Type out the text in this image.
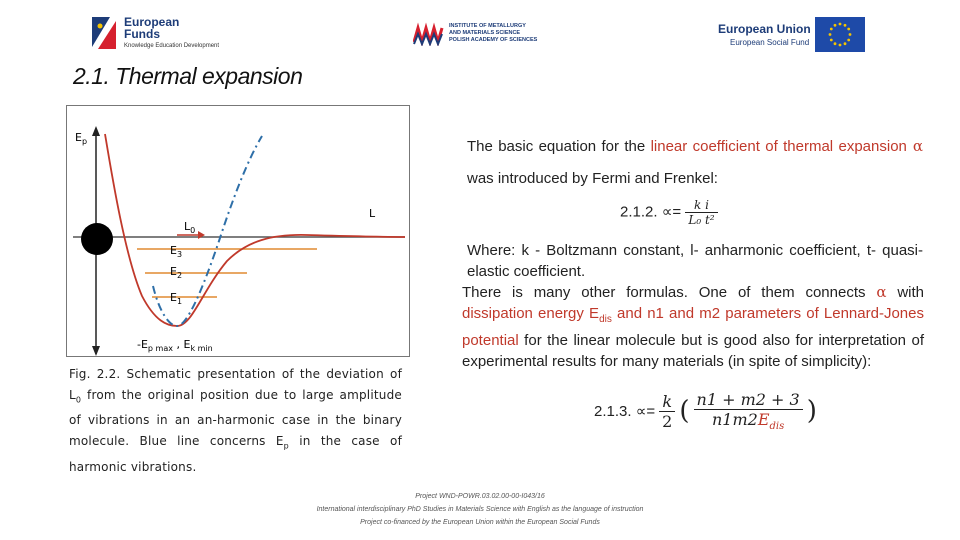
European
Funds
Knowledge Education Development
INSTITUTE OF METALLURGY
AND MATERIALS SCIENCE
POLISH ACADEMY OF SCIENCES
European Union
European Social Fund
2.1. Thermal expansion
$E_p$
$L_0$
L
$E_3$
$E_2$
$E_1$
$-E_{p max}$ , $E_{k min}$
Fig. 2.2. Schematic presentation of the deviation of $L_0$ from the original position due to large amplitude of vibrations in an an-harmonic case in the binary molecule. Blue line concerns $E_p$ in the case of harmonic vibrations.
The basic equation for the linear coefficient of thermal expansion α was introduced by Fermi and Frenkel:
2.1.2. ∝= $\frac{\text{k i}}{\text{L₀ t²}}$
Where: k - Boltzmann constant, l- anharmonic coefficient, t- quasi-elastic coefficient.
There is many other formulas. One of them connects α with dissipation energy $E_{dis}$ and n1 and m2 parameters of Lennard-Jones potential for the linear molecule but is good also for interpretation of experimental results for many materials (in spite of simplicity):
2.1.3. ∝= $\frac{k}{2}$ ( $\frac{n1 + m2 + 3}{n1m2E_{dis}}$ )
Project WND-POWR.03.02.00-00-I043/16
International interdisciplinary PhD Studies in Materials Science with English as the language of instruction
Project co-financed by the European Union within the European Social Funds
